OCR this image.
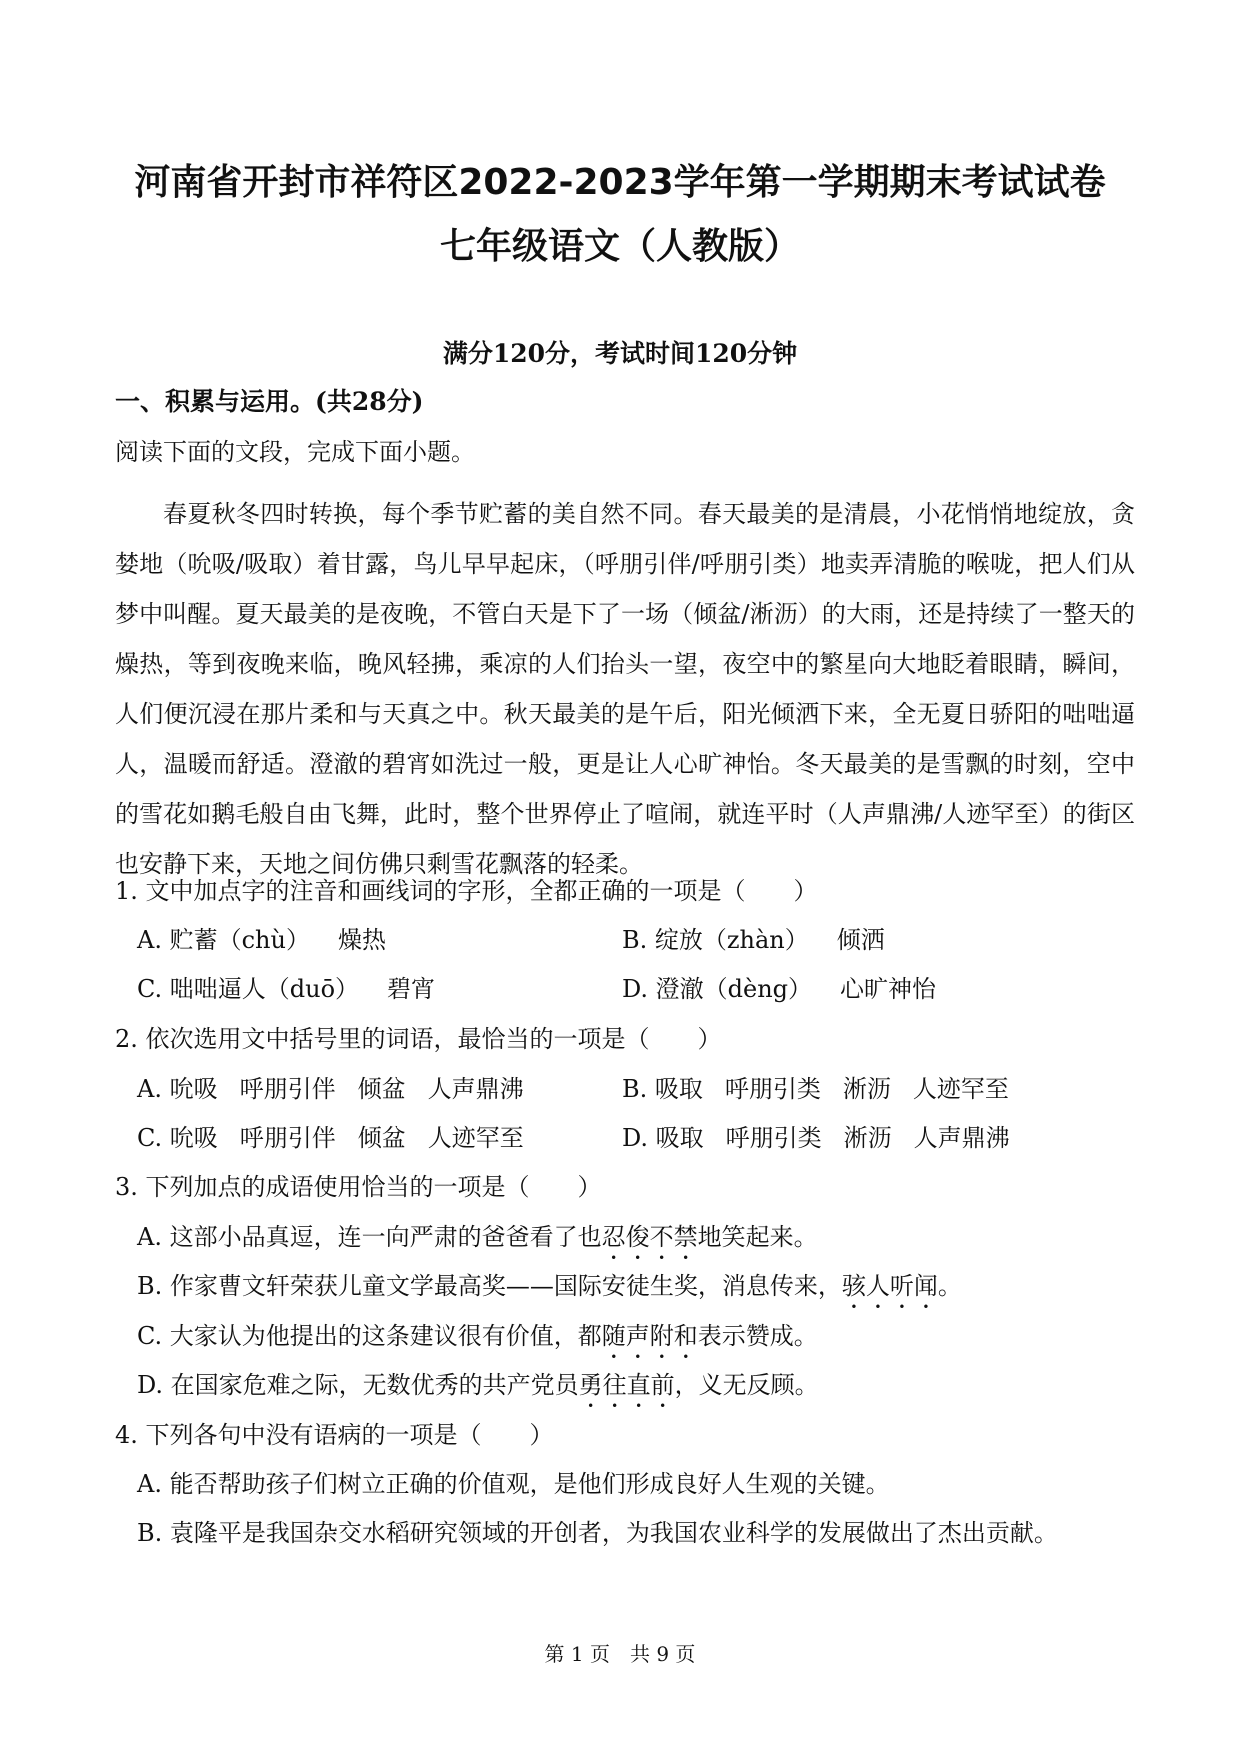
河南省开封市祥符区2022-2023学年第一学期期末考试试卷
七年级语文（人教版）
满分120分，考试时间120分钟
一、积累与运用。(共28分)
阅读下面的文段，完成下面小题。
春夏秋冬四时转换，每个季节贮蓄的美自然不同。春天最美的是清晨，小花悄悄地绽放，贪婪地（吮吸/吸取）着甘露，鸟儿早早起床，（呼朋引伴/呼朋引类）地卖弄清脆的喉咙，把人们从梦中叫醒。夏天最美的是夜晚，不管白天是下了一场（倾盆/淅沥）的大雨，还是持续了一整天的燥热，等到夜晚来临，晚风轻拂，乘凉的人们抬头一望，夜空中的繁星向大地眨着眼睛，瞬间，人们便沉浸在那片柔和与天真之中。秋天最美的是午后，阳光倾洒下来，全无夏日骄阳的咄咄逼人，温暖而舒适。澄澈的碧宵如洗过一般，更是让人心旷神怡。冬天最美的是雪飘的时刻，空中的雪花如鹅毛般自由飞舞，此时，整个世界停止了喧闹，就连平时（人声鼎沸/人迹罕至）的街区也安静下来，天地之间仿佛只剩雪花飘落的轻柔。
1. 文中加点字的注音和画线词的字形，全都正确的一项是（　　）
A. 贮蓄（chù） 燥热	B. 绽放（zhàn） 倾洒
C. 咄咄逼人（duō） 碧宵	D. 澄澈（dèng） 心旷神怡
2. 依次选用文中括号里的词语，最恰当的一项是（　　）
A. 吮吸 呼朋引伴 倾盆 人声鼎沸	B. 吸取 呼朋引类 淅沥 人迹罕至
C. 吮吸 呼朋引伴 倾盆 人迹罕至	D. 吸取 呼朋引类 淅沥 人声鼎沸
3. 下列加点的成语使用恰当的一项是（　　）
A. 这部小品真逗，连一向严肃的爸爸看了也忍俊不禁地笑起来。
B. 作家曹文轩荣获儿童文学最高奖——国际安徒生奖，消息传来，骇人听闻。
C. 大家认为他提出的这条建议很有价值，都随声附和表示赞成。
D. 在国家危难之际，无数优秀的共产党员勇往直前，义无反顾。
4. 下列各句中没有语病的一项是（　　）
A. 能否帮助孩子们树立正确的价值观，是他们形成良好人生观的关键。
B. 袁隆平是我国杂交水稻研究领域的开创者，为我国农业科学的发展做出了杰出贡献。
第 1 页　共 9 页
